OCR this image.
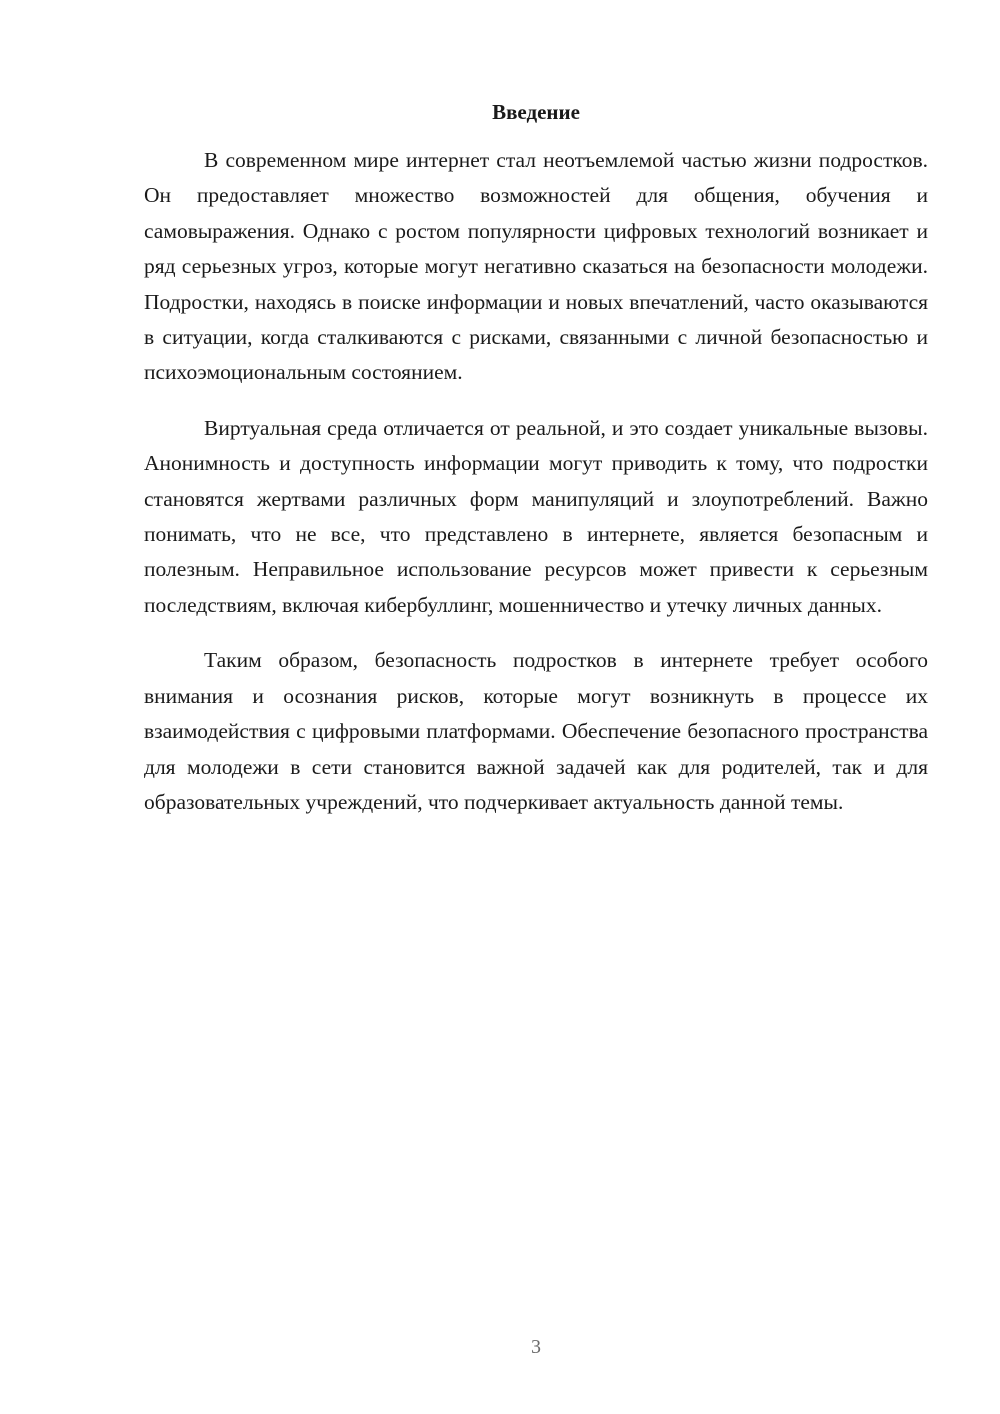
Введение

В современном мире интернет стал неотъемлемой частью жизни подростков. Он предоставляет множество возможностей для общения, обучения и самовыражения. Однако с ростом популярности цифровых технологий возникает и ряд серьезных угроз, которые могут негативно сказаться на безопасности молодежи. Подростки, находясь в поиске информации и новых впечатлений, часто оказываются в ситуации, когда сталкиваются с рисками, связанными с личной безопасностью и психоэмоциональным состоянием.

Виртуальная среда отличается от реальной, и это создает уникальные вызовы. Анонимность и доступность информации могут приводить к тому, что подростки становятся жертвами различных форм манипуляций и злоупотреблений. Важно понимать, что не все, что представлено в интернете, является безопасным и полезным. Неправильное использование ресурсов может привести к серьезным последствиям, включая кибербуллинг, мошенничество и утечку личных данных.

Таким образом, безопасность подростков в интернете требует особого внимания и осознания рисков, которые могут возникнуть в процессе их взаимодействия с цифровыми платформами. Обеспечение безопасного пространства для молодежи в сети становится важной задачей как для родителей, так и для образовательных учреждений, что подчеркивает актуальность данной темы.

3
